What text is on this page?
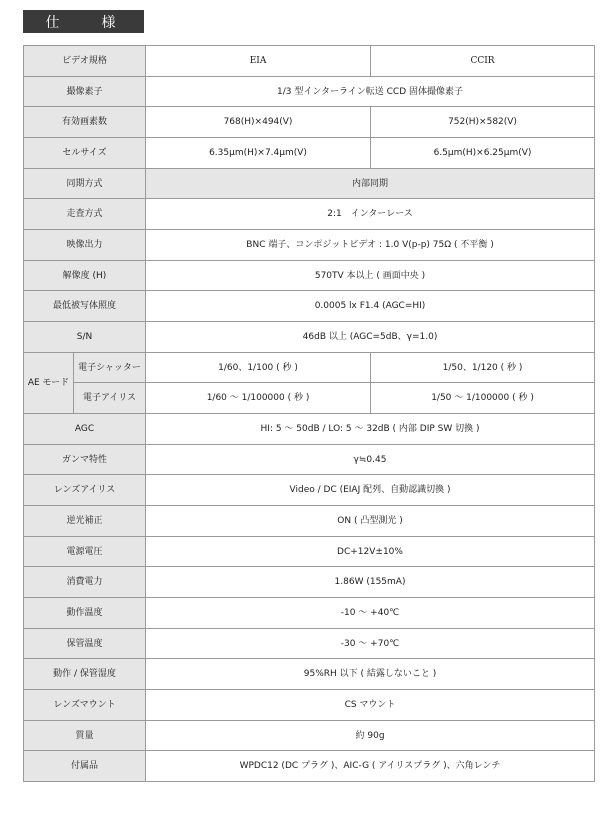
仕　様
ビデオ規格		EIA	CCIR
撮像素子		1/3 型インターライン転送 CCD 固体撮像素子	
有効画素数		768(H)×494(V)	752(H)×582(V)
セルサイズ		6.35μm(H)×7.4μm(V)	6.5μm(H)×6.25μm(V)
同期方式		内部同期	
走査方式		2:1　インターレース	
映像出力		BNC 端子、コンポジットビデオ : 1.0 V(p-p) 75Ω ( 不平衡 )	
解像度 (H)		570TV 本以上 ( 画面中央 )	
最低被写体照度		0.0005 lx F1.4 (AGC=HI)	
S/N		46dB 以上 (AGC=5dB、γ=1.0)	
AE モード	電子シャッター	1/60、1/100 ( 秒 )	1/50、1/120 ( 秒 )
	電子アイリス	1/60 ～ 1/100000 ( 秒 )	1/50 ～ 1/100000 ( 秒 )
AGC		HI: 5 ～ 50dB / LO: 5 ～ 32dB ( 内部 DIP SW 切換 )	
ガンマ特性		γ≒0.45	
レンズアイリス		Video / DC (EIAJ 配列、自動認識切換 )	
逆光補正		ON ( 凸型測光 )	
電源電圧		DC+12V±10%	
消費電力		1.86W (155mA)	
動作温度		-10 ～ +40℃	
保管温度		-30 ～ +70℃	
動作 / 保管湿度		95%RH 以下 ( 結露しないこと )	
レンズマウント		CS マウント	
質量		約 90g	
付属品		WPDC12 (DC プラグ )、AIC-G ( アイリスプラグ )、六角レンチ	
